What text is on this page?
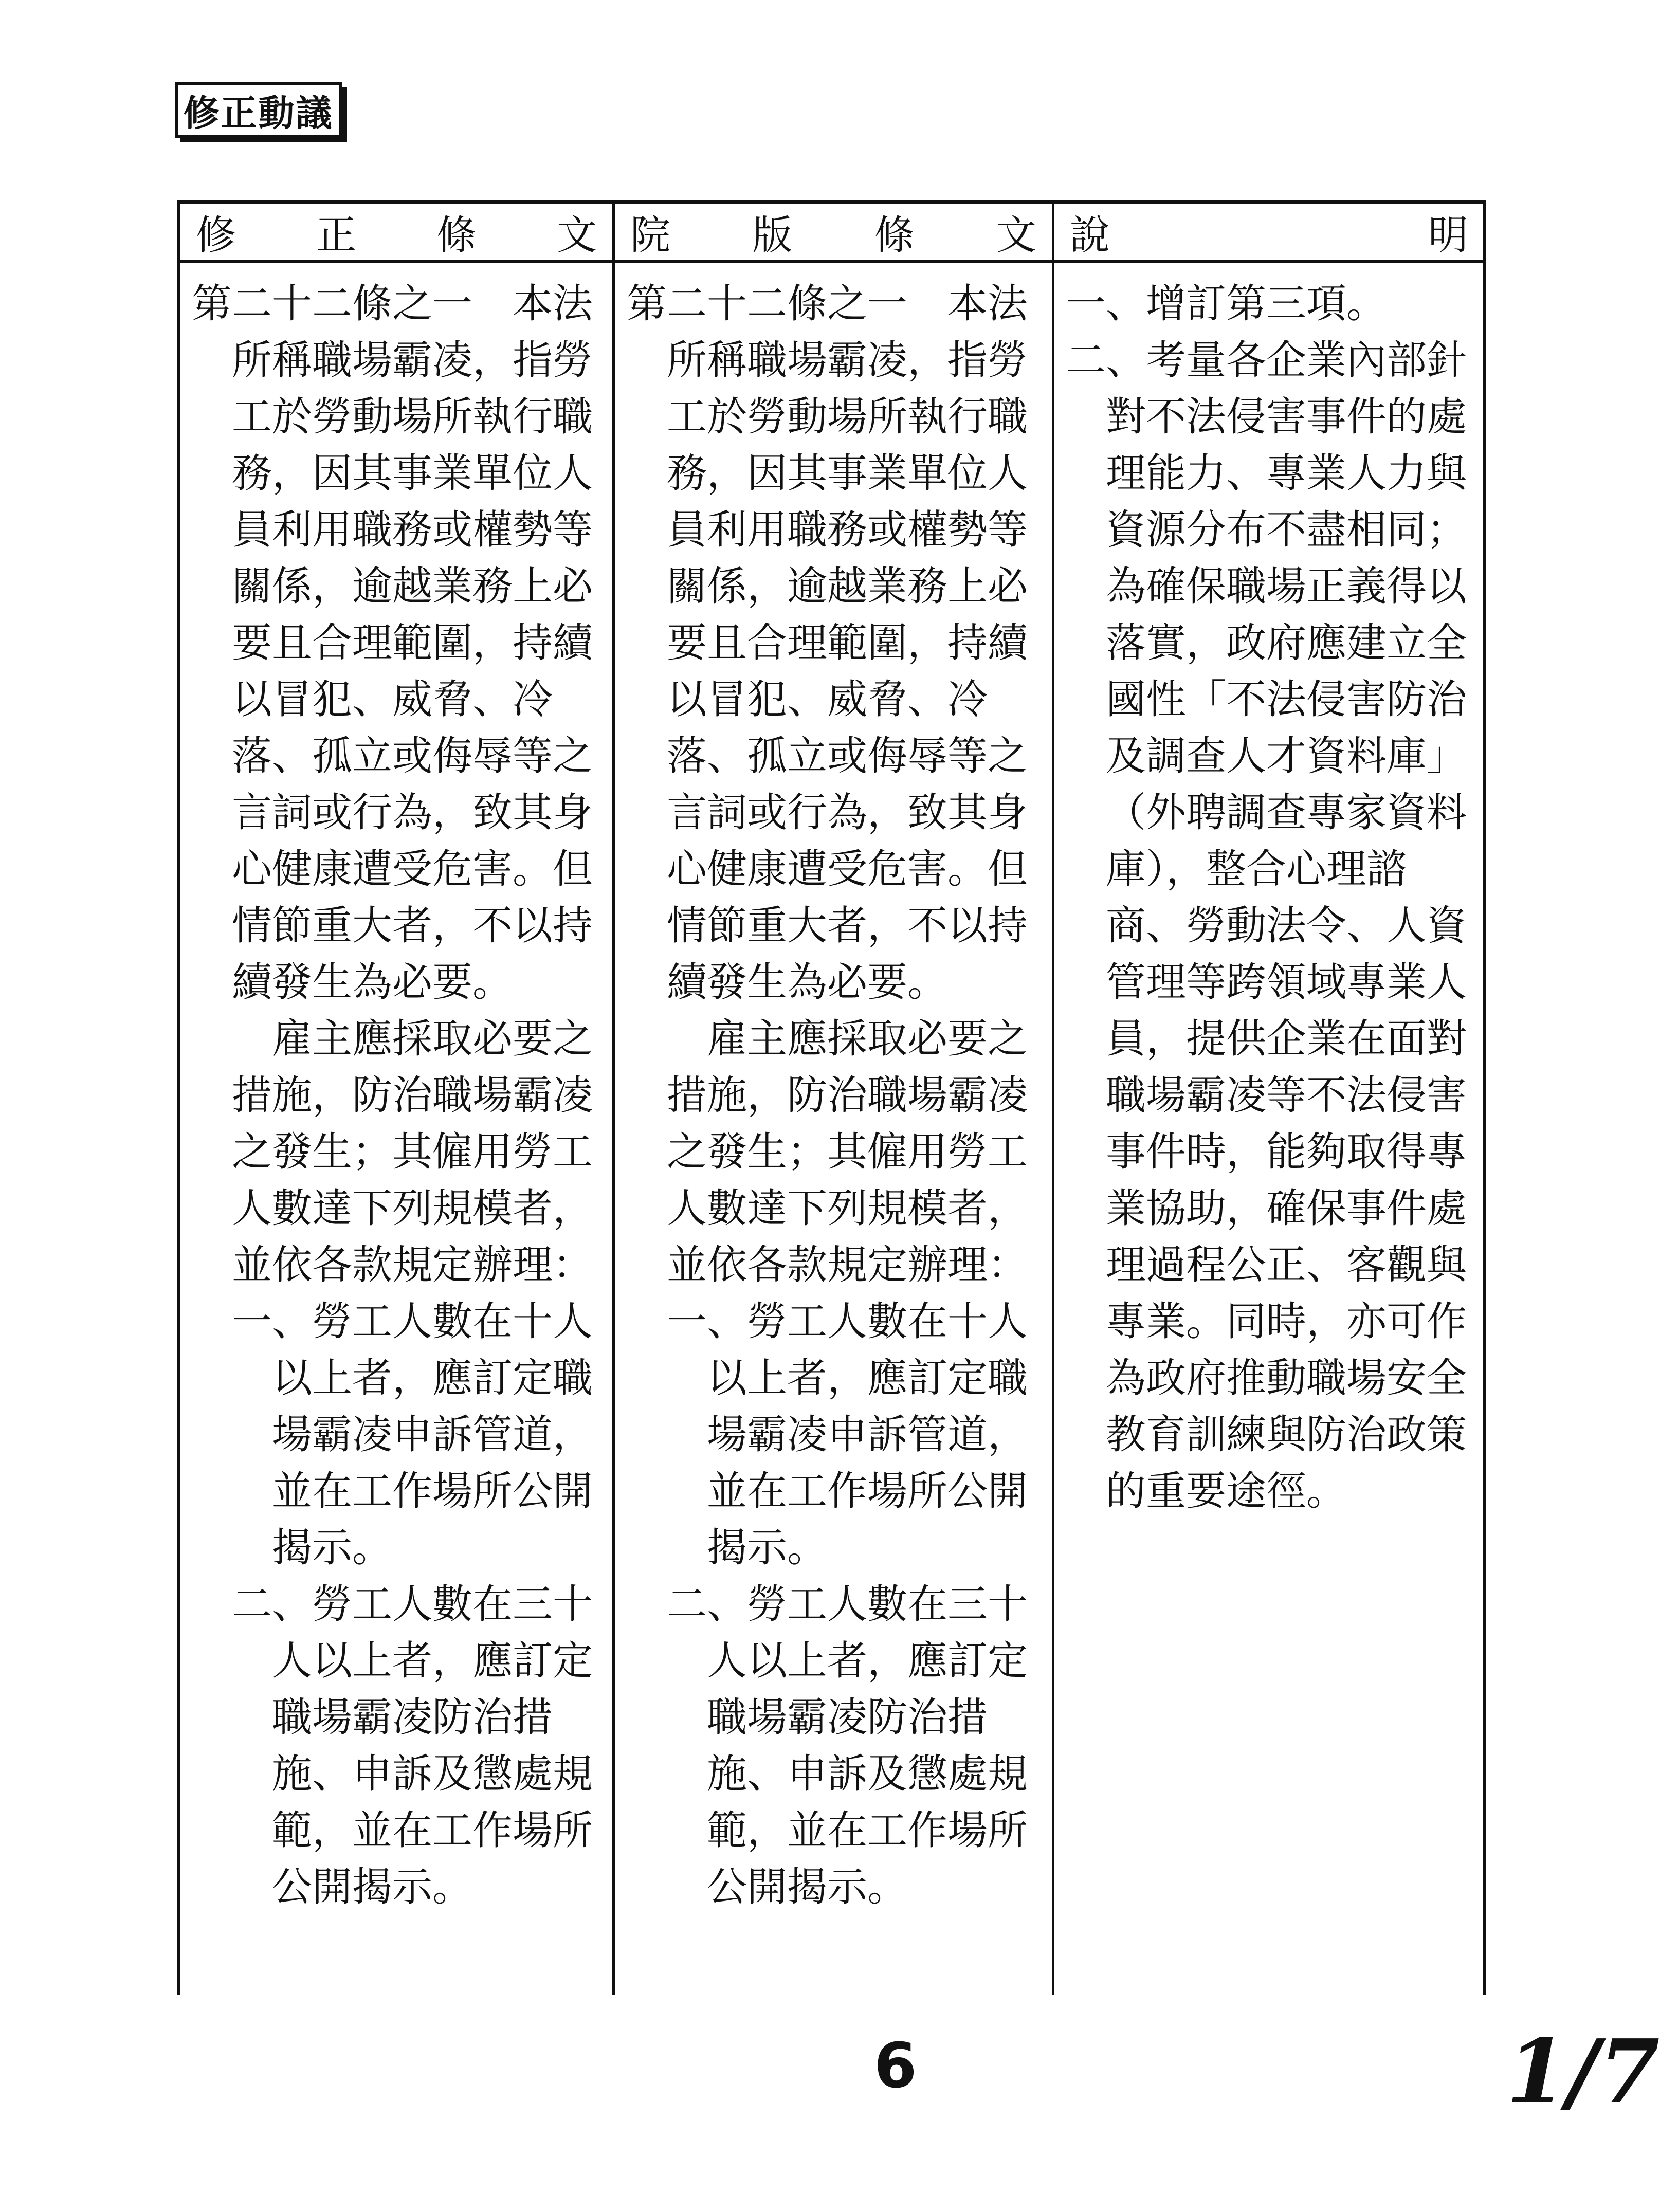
修正動議
修 正 條 文 院 版 條 文 說	明

第二十二條之一　本法所稱職場霸凌，指勞工於勞動場所執行職務，因其事業單位人員利用職務或權勢等關係，逾越業務上必要且合理範圍，持續以冒犯、威脅、冷落、孤立或侮辱等之言詞或行為，致其身心健康遭受危害。但情節重大者，不以持續發生為必要。

雇主應採取必要之措施，防治職場霸凌之發生；其僱用勞工人數達下列規模者，並依各款規定辦理：

一、勞工人數在十人以上者，應訂定職場霸凌申訴管道，並在工作場所公開揭示。

二、勞工人數在三十人以上者，應訂定職場霸凌防治措施、申訴及懲處規範，並在工作場所公開揭示。

第二十二條之一　本法所稱職場霸凌，指勞工於勞動場所執行職務，因其事業單位人員利用職務或權勢等關係，逾越業務上必要且合理範圍，持續以冒犯、威脅、冷落、孤立或侮辱等之言詞或行為，致其身心健康遭受危害。但情節重大者，不以持續發生為必要。

雇主應採取必要之措施，防治職場霸凌之發生；其僱用勞工人數達下列規模者，並依各款規定辦理：

一、勞工人數在十人以上者，應訂定職場霸凌申訴管道，並在工作場所公開揭示。

二、勞工人數在三十人以上者，應訂定職場霸凌防治措施、申訴及懲處規範，並在工作場所公開揭示。

一、增訂第三項。

二、考量各企業內部針對不法侵害事件的處理能力、專業人力與資源分布不盡相同；為確保職場正義得以落實，政府應建立全國性「不法侵害防治及調查人才資料庫」（外聘調查專家資料庫），整合心理諮商、勞動法令、人資管理等跨領域專業人員，提供企業在面對職場霸凌等不法侵害事件時，能夠取得專業協助，確保事件處理過程公正、客觀與專業。同時，亦可作為政府推動職場安全教育訓練與防治政策的重要途徑。

6	1/7
